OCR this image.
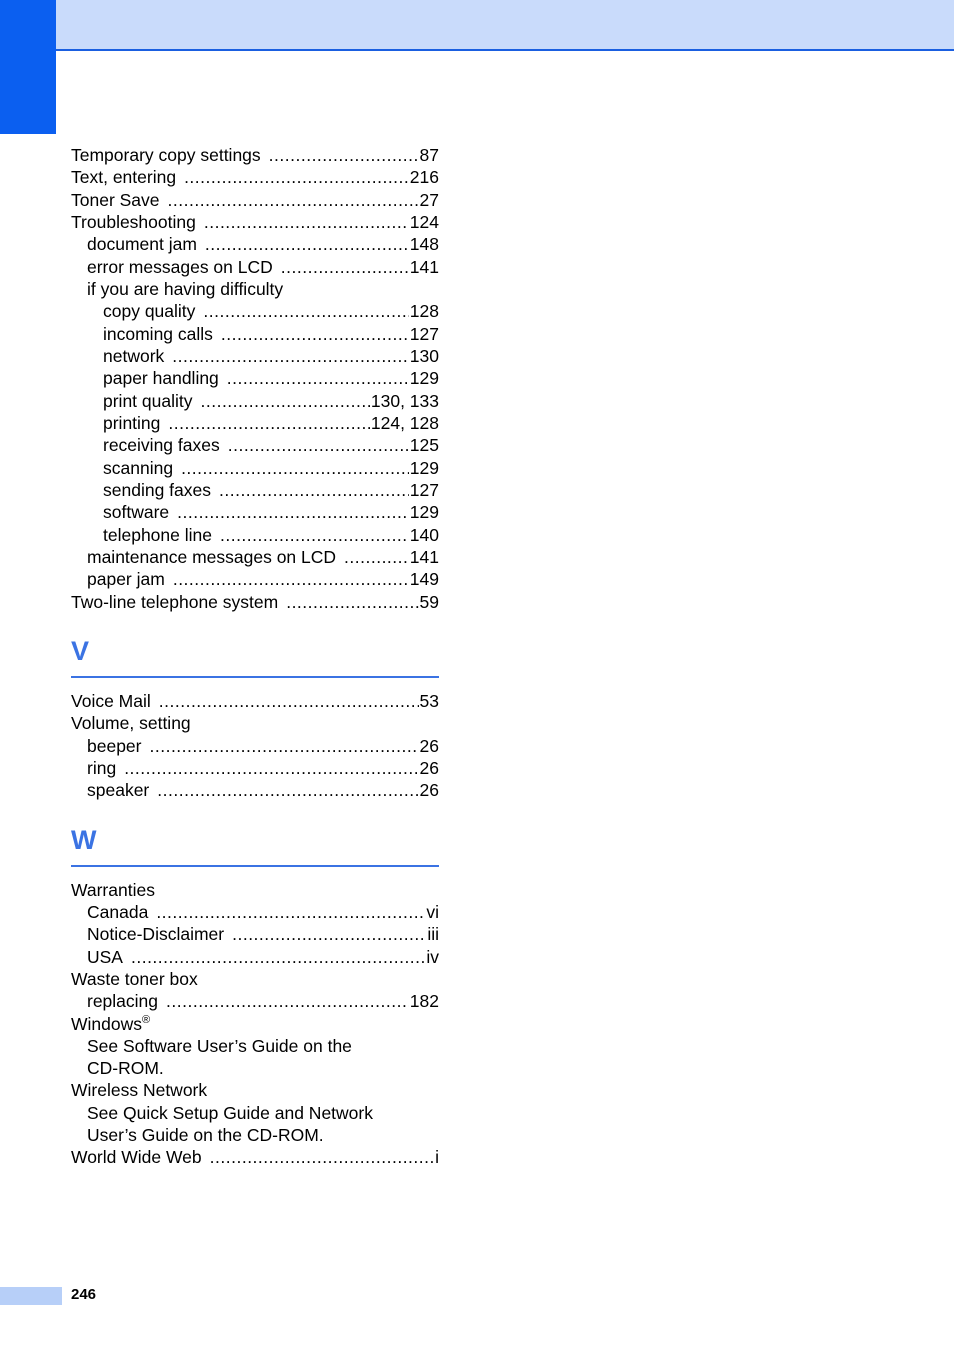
Temporary copy settings .....	87
Text, entering .....	216
Toner Save .....	27
Troubleshooting .....	124
document jam .....	148
error messages on LCD .....	141
if you are having difficulty
copy quality .....	128
incoming calls .....	127
network .....	130
paper handling .....	129
print quality .....	130, 133
printing .....	124, 128
receiving faxes .....	125
scanning .....	129
sending faxes .....	127
software .....	129
telephone line .....	140
maintenance messages on LCD .....	141
paper jam .....	149
Two-line telephone system .....	59
V
Voice Mail .....	53
Volume, setting
beeper .....	26
ring .....	26
speaker .....	26
W
Warranties
Canada .....	vi
Notice-Disclaimer .....	iii
USA .....	iv
Waste toner box
replacing .....	182
Windows®
See Software User’s Guide on the
CD-ROM.
Wireless Network
See Quick Setup Guide and Network
User’s Guide on the CD-ROM.
World Wide Web .....	i
246
